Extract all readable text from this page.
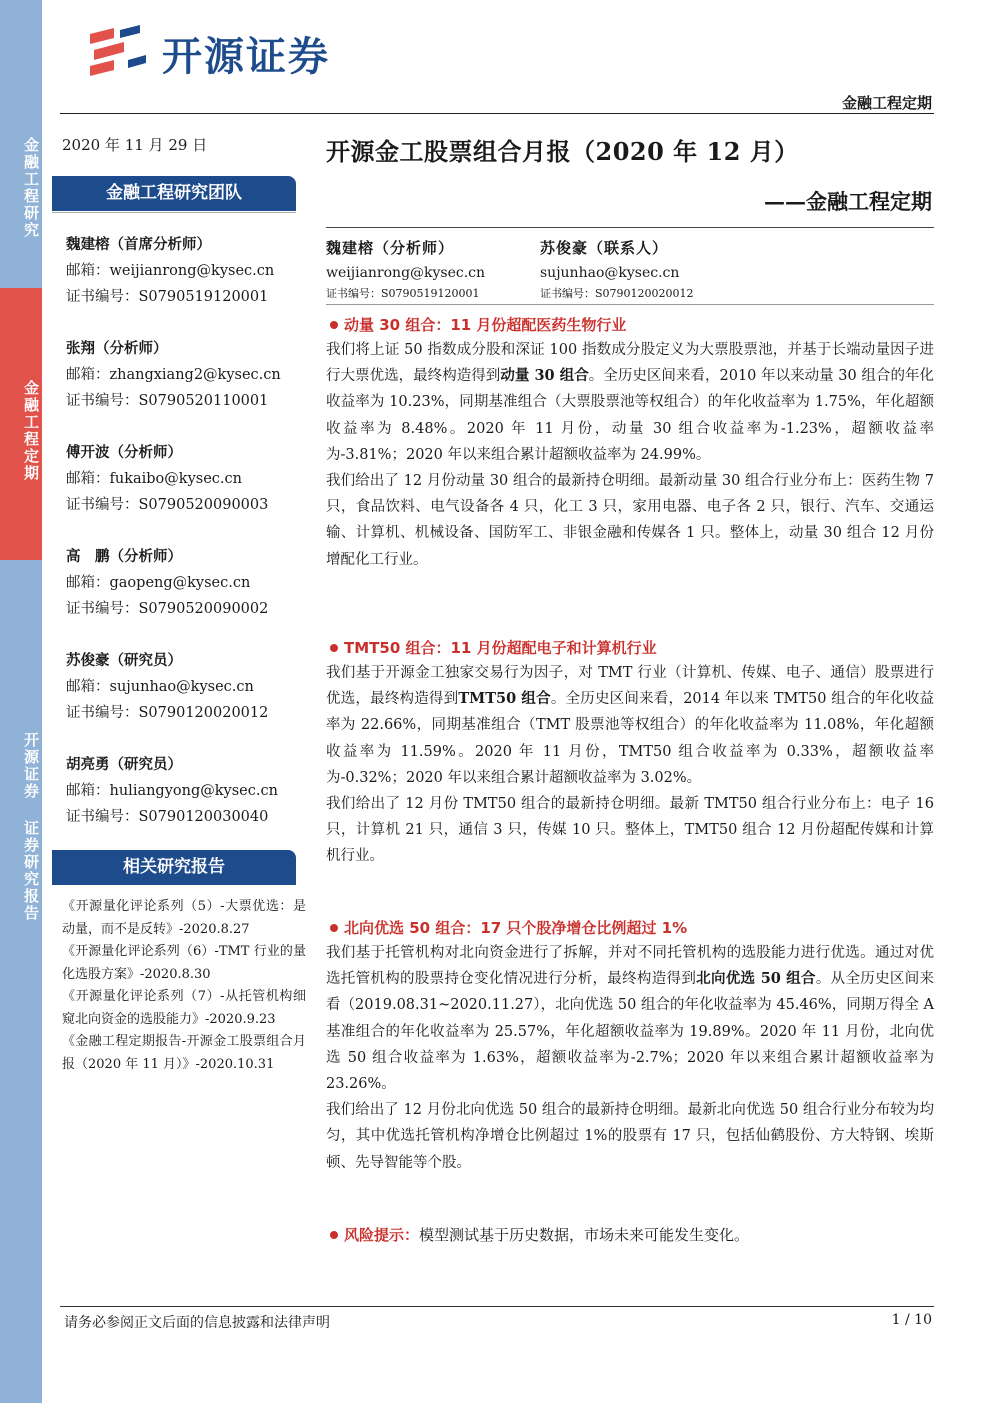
金融工程研究
金融工程定期
开源证券 证券研究报告
开源证券
金融工程定期
2020 年 11 月 29 日
金融工程研究团队
魏建榕（首席分析师）
邮箱：weijianrong@kysec.cn
证书编号：S0790519120001
张翔（分析师）
邮箱：zhangxiang2@kysec.cn
证书编号：S0790520110001
傅开波（分析师）
邮箱：fukaibo@kysec.cn
证书编号：S0790520090003
高　鹏（分析师）
邮箱：gaopeng@kysec.cn
证书编号：S0790520090002
苏俊豪（研究员）
邮箱：sujunhao@kysec.cn
证书编号：S0790120020012
胡亮勇（研究员）
邮箱：huliangyong@kysec.cn
证书编号：S0790120030040
相关研究报告
《开源量化评论系列（5）-大票优选：是动量，而不是反转》-2020.8.27
《开源量化评论系列（6）-TMT 行业的量化选股方案》-2020.8.30
《开源量化评论系列（7）-从托管机构细窥北向资金的选股能力》-2020.9.23
《金融工程定期报告-开源金工股票组合月报（2020 年 11 月）》-2020.10.31
开源金工股票组合月报（2020 年 12 月）
——金融工程定期
魏建榕（分析师）
weijianrong@kysec.cn
证书编号：S0790519120001
苏俊豪（联系人）
sujunhao@kysec.cn
证书编号：S0790120020012
动量 30 组合：11 月份超配医药生物行业

我们将上证 50 指数成分股和深证 100 指数成分股定义为大票股票池，并基于长端动量因子进行大票优选，最终构造得到动量 30 组合。全历史区间来看，2010 年以来动量 30 组合的年化收益率为 10.23%，同期基准组合（大票股票池等权组合）的年化收益率为 1.75%，年化超额收益率为 8.48%。2020 年 11 月份，动量 30 组合收益率为-1.23%，超额收益率为-3.81%；2020 年以来组合累计超额收益率为 24.99%。

我们给出了 12 月份动量 30 组合的最新持仓明细。最新动量 30 组合行业分布上：医药生物 7 只，食品饮料、电气设备各 4 只，化工 3 只，家用电器、电子各 2 只，银行、汽车、交通运输、计算机、机械设备、国防军工、非银金融和传媒各 1 只。整体上，动量 30 组合 12 月份增配化工行业。

TMT50 组合：11 月份超配电子和计算机行业

我们基于开源金工独家交易行为因子，对 TMT 行业（计算机、传媒、电子、通信）股票进行优选，最终构造得到TMT50 组合。全历史区间来看，2014 年以来 TMT50 组合的年化收益率为 22.66%，同期基准组合（TMT 股票池等权组合）的年化收益率为 11.08%，年化超额收益率为 11.59%。2020 年 11 月份，TMT50 组合收益率为 0.33%，超额收益率为-0.32%；2020 年以来组合累计超额收益率为 3.02%。

我们给出了 12 月份 TMT50 组合的最新持仓明细。最新 TMT50 组合行业分布上：电子 16 只，计算机 21 只，通信 3 只，传媒 10 只。整体上，TMT50 组合 12 月份超配传媒和计算机行业。

北向优选 50 组合：17 只个股净增仓比例超过 1%

我们基于托管机构对北向资金进行了拆解，并对不同托管机构的选股能力进行优选。通过对优选托管机构的股票持仓变化情况进行分析，最终构造得到北向优选 50 组合。从全历史区间来看（2019.08.31~2020.11.27），北向优选 50 组合的年化收益率为 45.46%，同期万得全 A 基准组合的年化收益率为 25.57%，年化超额收益率为 19.89%。2020 年 11 月份，北向优选 50 组合收益率为 1.63%，超额收益率为-2.7%；2020 年以来组合累计超额收益率为 23.26%。

我们给出了 12 月份北向优选 50 组合的最新持仓明细。最新北向优选 50 组合行业分布较为均匀，其中优选托管机构净增仓比例超过 1%的股票有 17 只，包括仙鹤股份、方大特钢、埃斯顿、先导智能等个股。

风险提示：模型测试基于历史数据，市场未来可能发生变化。
请务必参阅正文后面的信息披露和法律声明	1 / 10
